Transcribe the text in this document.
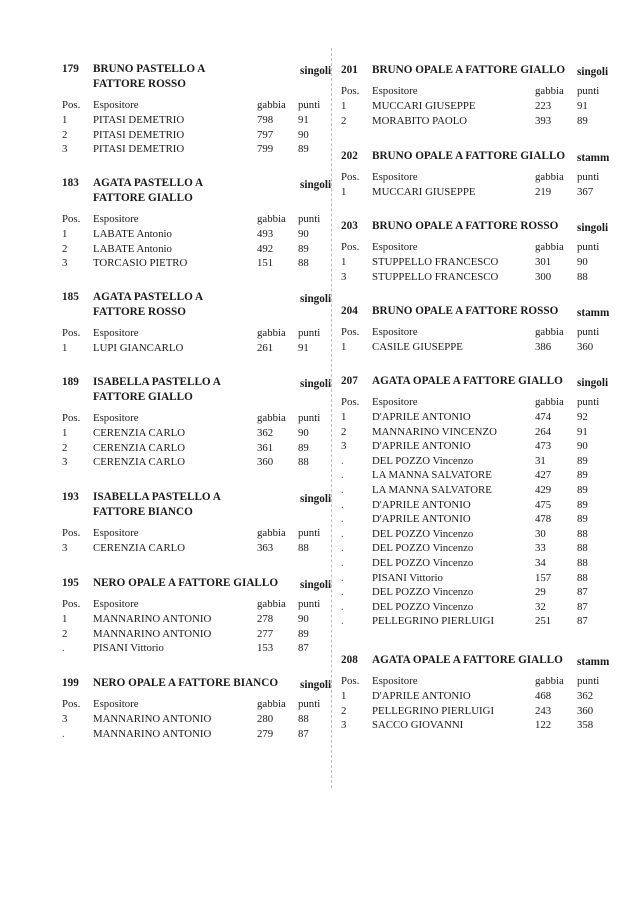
179	BRUNO PASTELLO A
FATTORE ROSSO
singoli
Pos. Espositore	gabbia punti
1 PITASI DEMETRIO	798 91
2 PITASI DEMETRIO	797 90
3 PITASI DEMETRIO	799 89
183	AGATA PASTELLO A
FATTORE GIALLO
singoli
Pos. Espositore	gabbia punti
1 LABATE Antonio	493 90
2 LABATE Antonio	492 89
3 TORCASIO PIETRO	151 88
185	AGATA PASTELLO A
FATTORE ROSSO
singoli
Pos. Espositore	gabbia punti
1 LUPI GIANCARLO	261 91
189	ISABELLA PASTELLO A
FATTORE GIALLO
singoli
Pos. Espositore	gabbia punti
1 CERENZIA CARLO	362 90
2 CERENZIA CARLO	361 89
3 CERENZIA CARLO	360 88
193	ISABELLA PASTELLO A
FATTORE BIANCO
singoli
Pos. Espositore	gabbia punti
3 CERENZIA CARLO	363 88
195	NERO OPALE A FATTORE GIALLO singoli
Pos. Espositore	gabbia punti
1 MANNARINO ANTONIO	278 90
2 MANNARINO ANTONIO	277 89
.	PISANI Vittorio	153 87
199	NERO OPALE A FATTORE BIANCO singoli
Pos. Espositore	gabbia punti
3 MANNARINO ANTONIO	280 88
.	MANNARINO ANTONIO	279 87
201	BRUNO OPALE A FATTORE GIALLO singoli
Pos. Espositore	gabbia punti
1 MUCCARI GIUSEPPE	223 91
2 MORABITO PAOLO	393 89
202	BRUNO OPALE A FATTORE GIALLO stamm
Pos. Espositore	gabbia punti
1 MUCCARI GIUSEPPE	219 367
203	BRUNO OPALE A FATTORE ROSSO singoli
Pos. Espositore	gabbia punti
1 STUPPELLO FRANCESCO	301 90
3 STUPPELLO FRANCESCO	300 88
204	BRUNO OPALE A FATTORE ROSSO stamm
Pos. Espositore	gabbia punti
1 CASILE GIUSEPPE	386 360
207	AGATA OPALE A FATTORE GIALLO singoli
Pos. Espositore	gabbia punti
1 D'APRILE ANTONIO	474 92
2 MANNARINO VINCENZO	264 91
3 D'APRILE ANTONIO	473 90
.	DEL POZZO Vincenzo	31	89
.	LA MANNA SALVATORE	427 89
.	LA MANNA SALVATORE	429 89
.	D'APRILE ANTONIO	475 89
.	D'APRILE ANTONIO	478 89
.	DEL POZZO Vincenzo	30	88
.	DEL POZZO Vincenzo	33	88
.	DEL POZZO Vincenzo	34	88
.	PISANI Vittorio	157 88
.	DEL POZZO Vincenzo	29	87
.	DEL POZZO Vincenzo	32	87
.	PELLEGRINO PIERLUIGI	251 87
208	AGATA OPALE A FATTORE GIALLO stamm
Pos. Espositore	gabbia punti
1 D'APRILE ANTONIO	468 362
2 PELLEGRINO PIERLUIGI	243 360
3 SACCO GIOVANNI	122 358
